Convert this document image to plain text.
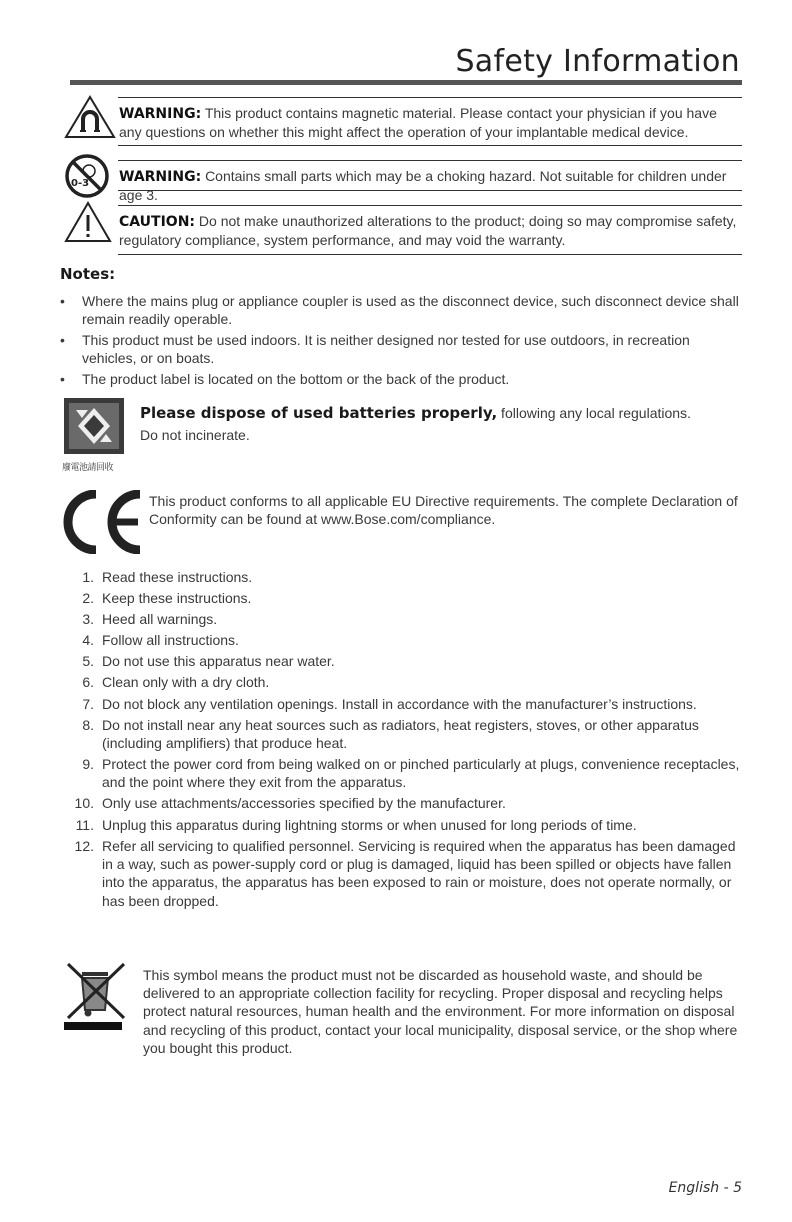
Safety Information
WARNING: This product contains magnetic material. Please contact your physician if you have any questions on whether this might affect the operation of your implantable medical device.
0-3 WARNING: Contains small parts which may be a choking hazard. Not suitable for children under age 3.
CAUTION: Do not make unauthorized alterations to the product; doing so may compromise safety, regulatory compliance, system performance, and may void the warranty.
Notes:
• Where the mains plug or appliance coupler is used as the disconnect device, such disconnect device shall remain readily operable.
• This product must be used indoors. It is neither designed nor tested for use outdoors, in recreation vehicles, or on boats.
• The product label is located on the bottom or the back of the product.
廢電池請回收
Please dispose of used batteries properly, following any local regulations.
Do not incinerate.
This product conforms to all applicable EU Directive requirements. The complete Declaration of Conformity can be found at www.Bose.com/compliance.
1. Read these instructions.
2. Keep these instructions.
3. Heed all warnings.
4. Follow all instructions.
5. Do not use this apparatus near water.
6. Clean only with a dry cloth.
7. Do not block any ventilation openings. Install in accordance with the manufacturer’s instructions.
8. Do not install near any heat sources such as radiators, heat registers, stoves, or other apparatus (including amplifiers) that produce heat.
9. Protect the power cord from being walked on or pinched particularly at plugs, convenience receptacles, and the point where they exit from the apparatus.
10. Only use attachments/accessories specified by the manufacturer.
11. Unplug this apparatus during lightning storms or when unused for long periods of time.
12. Refer all servicing to qualified personnel. Servicing is required when the apparatus has been damaged in a way, such as power-supply cord or plug is damaged, liquid has been spilled or objects have fallen into the apparatus, the apparatus has been exposed to rain or moisture, does not operate normally, or has been dropped.
This symbol means the product must not be discarded as household waste, and should be delivered to an appropriate collection facility for recycling. Proper disposal and recycling helps protect natural resources, human health and the environment. For more information on disposal and recycling of this product, contact your local municipality, disposal service, or the shop where you bought this product.
English - 5
